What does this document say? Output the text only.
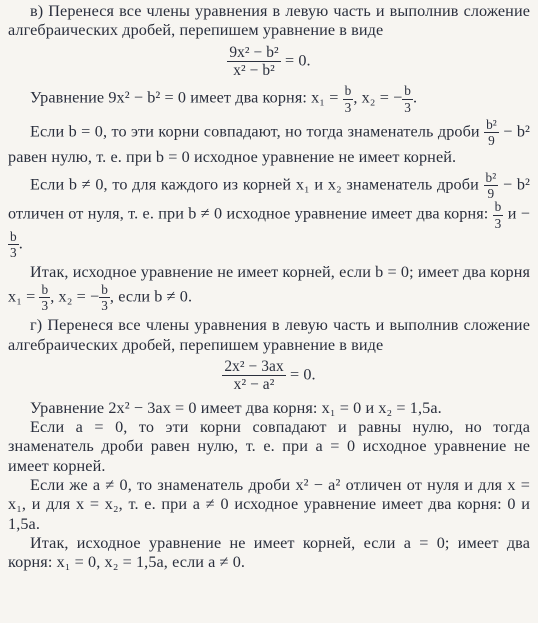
в) Перенеся все члены уравнения в левую часть и выполнив сложение алгебраических дробей, перепишем уравнение в виде

$\frac{\text{9x² − b²}}{\text{x² − b²}} = 0$.

Уравнение 9x² − b² = 0 имеет два корня: $x_1 = \frac{b}{3}$ , x₂ = − $\frac{b}{3}$ .

Если b = 0, то эти корни совпадают, но тогда знаменатель дроби $\frac{\text{b²}}{9} - b^2$ равен нулю, т. е. при b = 0 исходное уравнение не имеет корней.

Если b ≠ 0, то для каждого из корней x₁ и x₂ знаменатель дроби $\frac{\text{b²}}{9} - b^2$ отличен от нуля, т. е. при b ≠ 0 исходное уравнение имеет два корня: $\frac{b}{3}$ и −
$\frac{b}{3}$ .

Итак, исходное уравнение не имеет корней, если b = 0; имеет два корня $x_1 = \frac{b}{3}$ , x₂ = − $\frac{b}{3}$ , если b ≠ 0.

г) Перенеся все члены уравнения в левую часть и выполнив сложение алгебраических дробей, перепишем уравнение в виде

$\frac{\text{2x² − 3ax}}{\text{x² − a²}} = 0$.

Уравнение 2x² − 3ax = 0 имеет два корня: x₁ = 0 и x₂ = 1,5a.

Если a = 0, то эти корни совпадают и равны нулю, но тогда знаменатель дроби равен нулю, т. е. при a = 0 исходное уравнение не имеет корней.

Если же a ≠ 0, то знаменатель дроби x² − a² отличен от нуля и для x = x₁, и для x = x₂, т. е. при a ≠ 0 исходное уравнение имеет два корня: 0 и 1,5a.

Итак, исходное уравнение не имеет корней, если a = 0; имеет два корня: x₁ = 0, x₂ = 1,5a, если a ≠ 0.
